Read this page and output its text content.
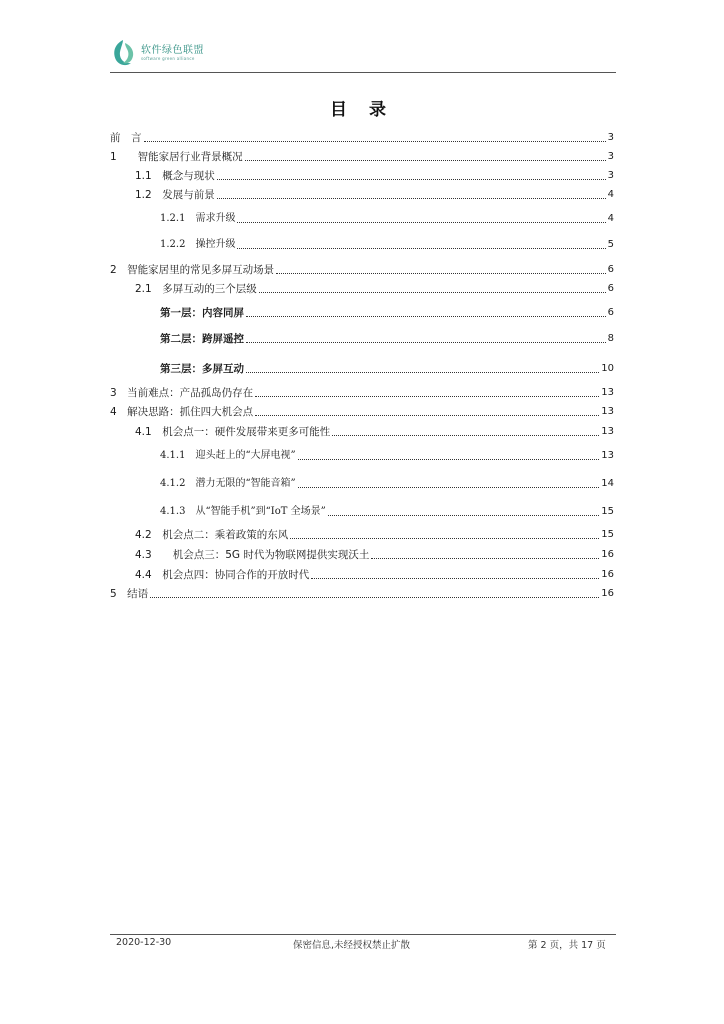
软件绿色联盟
software green alliance
目 录
前　言	3
1　　智能家居行业背景概况	3
1.1　概念与现状	3
1.2　发展与前景	4
1.2.1　需求升级	4
1.2.2　操控升级	5
2　智能家居里的常见多屏互动场景	6
2.1　多屏互动的三个层级	6
第一层：内容同屏	6
第二层：跨屏遥控	8
第三层：多屏互动	10
3　当前难点：产品孤岛仍存在	13
4　解决思路：抓住四大机会点	13
4.1　机会点一：硬件发展带来更多可能性	13
4.1.1　迎头赶上的“大屏电视”	13
4.1.2　潜力无限的“智能音箱”	14
4.1.3　从“智能手机”到“IoT 全场景”	15
4.2　机会点二：乘着政策的东风	15
4.3　　机会点三：5G 时代为物联网提供实现沃土	16
4.4　机会点四：协同合作的开放时代	16
5　结语	16
2020-12-30	保密信息,未经授权禁止扩散	第 2 页，共 17 页
